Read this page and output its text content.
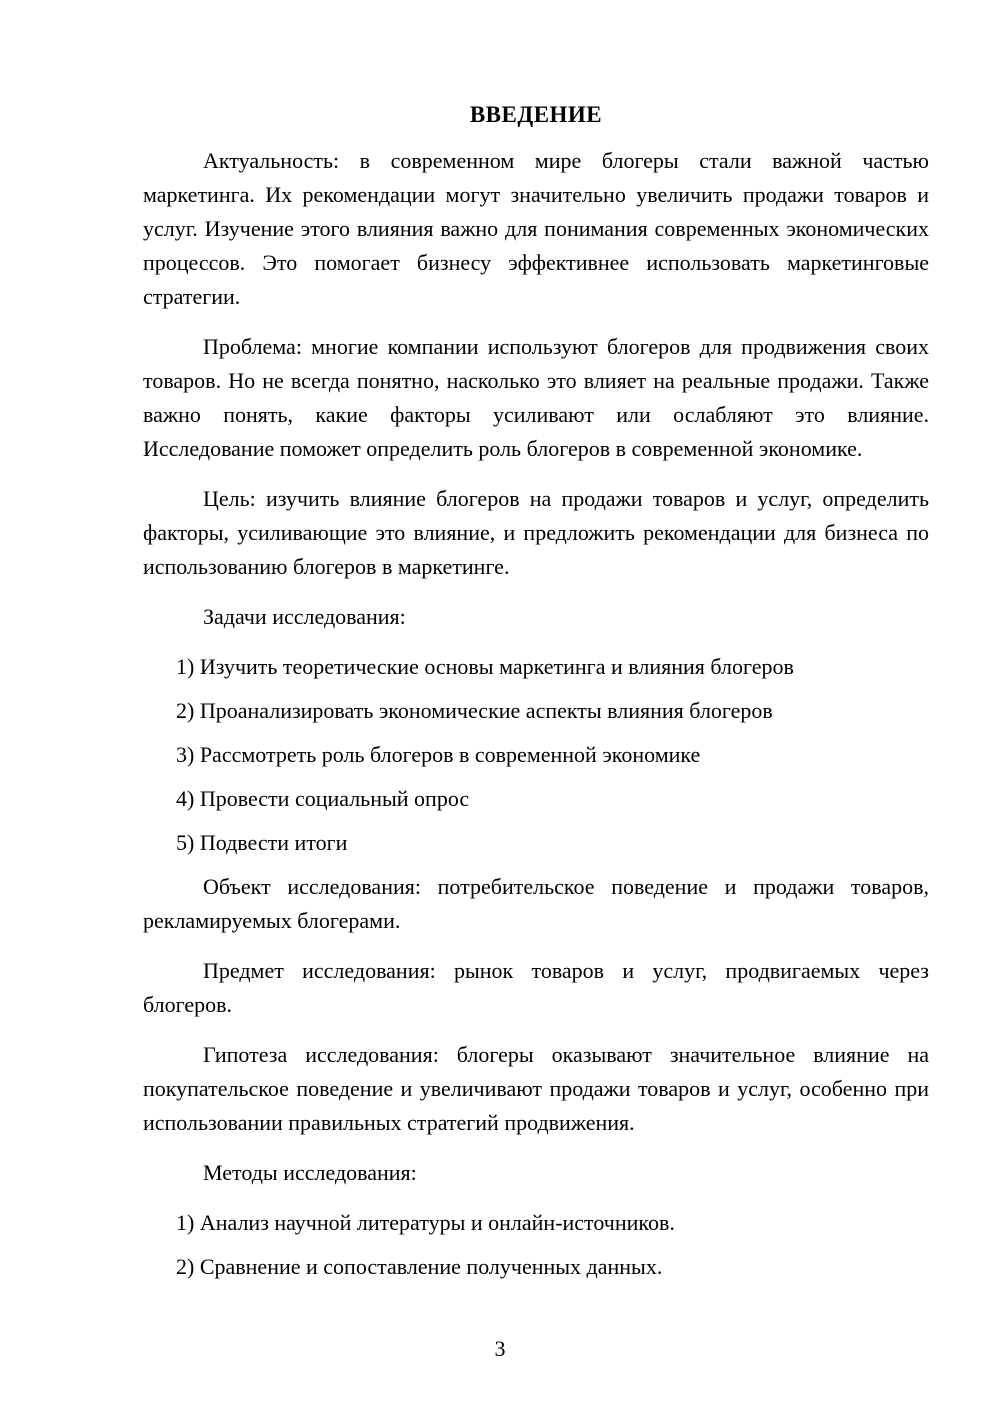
ВВЕДЕНИЕ

Актуальность: в современном мире блогеры стали важной частью маркетинга. Их рекомендации могут значительно увеличить продажи товаров и услуг. Изучение этого влияния важно для понимания современных экономических процессов. Это помогает бизнесу эффективнее использовать маркетинговые стратегии.

Проблема: многие компании используют блогеров для продвижения своих товаров. Но не всегда понятно, насколько это влияет на реальные продажи. Также важно понять, какие факторы усиливают или ослабляют это влияние. Исследование поможет определить роль блогеров в современной экономике.

Цель: изучить влияние блогеров на продажи товаров и услуг, определить факторы, усиливающие это влияние, и предложить рекомендации для бизнеса по использованию блогеров в маркетинге.

Задачи исследования:

1) Изучить теоретические основы маркетинга и влияния блогеров

2) Проанализировать экономические аспекты влияния блогеров

3) Рассмотреть роль блогеров в современной экономике

4) Провести социальный опрос

5) Подвести итоги

Объект исследования: потребительское поведение и продажи товаров, рекламируемых блогерами.

Предмет исследования: рынок товаров и услуг, продвигаемых через блогеров.

Гипотеза исследования: блогеры оказывают значительное влияние на покупательское поведение и увеличивают продажи товаров и услуг, особенно при использовании правильных стратегий продвижения.

Методы исследования:

1) Анализ научной литературы и онлайн-источников.

2) Сравнение и сопоставление полученных данных.

3
